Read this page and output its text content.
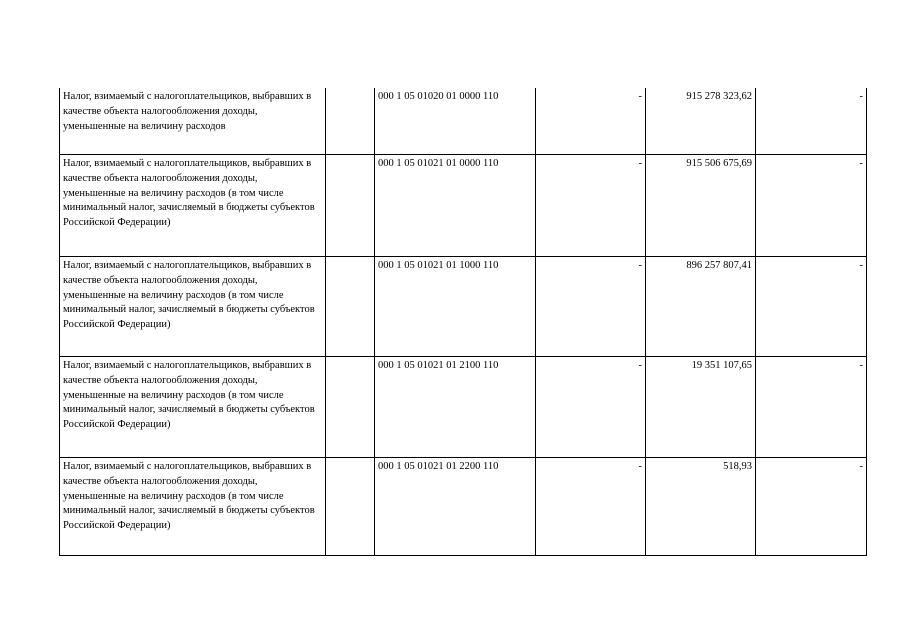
Налог, взимаемый с налогоплательщиков, выбравших в качестве объекта налогообложения доходы, уменьшенные на величину расходов		000 1 05 01020 01 0000 110	-	915 278 323,62	-
Налог, взимаемый с налогоплательщиков, выбравших в качестве объекта налогообложения доходы, уменьшенные на величину расходов (в том числе минимальный налог, зачисляемый в бюджеты субъектов Российской Федерации)		000 1 05 01021 01 0000 110	-	915 506 675,69	-
Налог, взимаемый с налогоплательщиков, выбравших в качестве объекта налогообложения доходы, уменьшенные на величину расходов (в том числе минимальный налог, зачисляемый в бюджеты субъектов Российской Федерации)		000 1 05 01021 01 1000 110	-	896 257 807,41	-
Налог, взимаемый с налогоплательщиков, выбравших в качестве объекта налогообложения доходы, уменьшенные на величину расходов (в том числе минимальный налог, зачисляемый в бюджеты субъектов Российской Федерации)		000 1 05 01021 01 2100 110	-	19 351 107,65	-
Налог, взимаемый с налогоплательщиков, выбравших в качестве объекта налогообложения доходы, уменьшенные на величину расходов (в том числе минимальный налог, зачисляемый в бюджеты субъектов Российской Федерации)		000 1 05 01021 01 2200 110	-	518,93	-
